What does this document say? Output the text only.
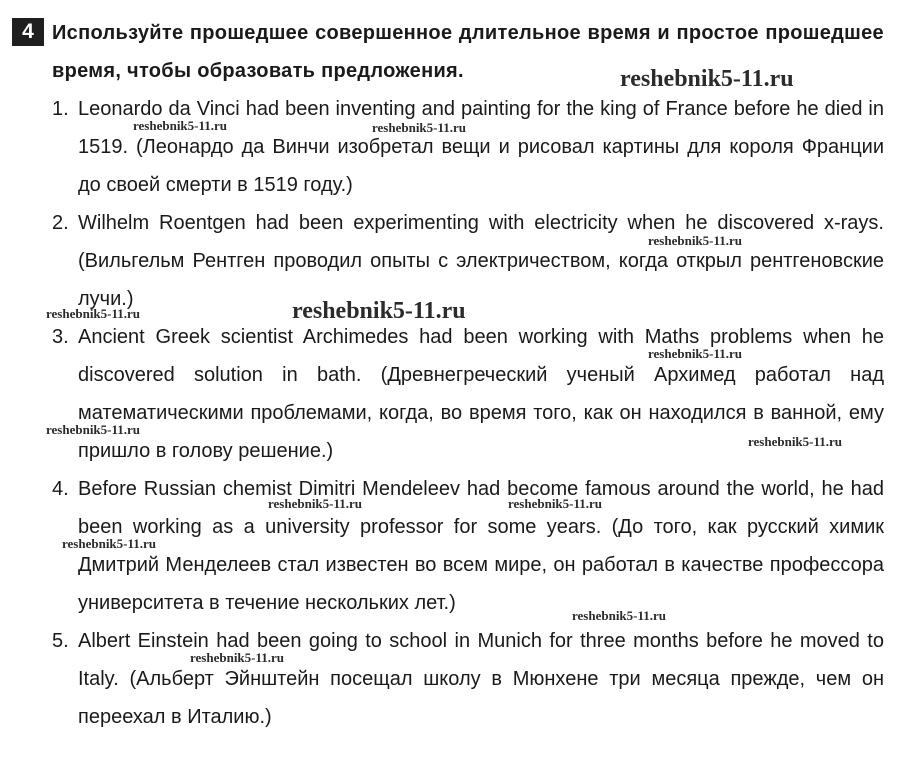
4 Используйте прошедшее совершенное длительное время и простое прошедшее время, чтобы образовать предложения.
1. Leonardo da Vinci had been inventing and painting for the king of France before he died in 1519. (Леонардо да Винчи изобретал вещи и рисовал картины для короля Франции до своей смерти в 1519 году.)
2. Wilhelm Roentgen had been experimenting with electricity when he discovered x-rays. (Вильгельм Рентген проводил опыты с электричеством, когда открыл рентгеновские лучи.)
3. Ancient Greek scientist Archimedes had been working with Maths problems when he discovered solution in bath. (Древнегреческий ученый Архимед работал над математическими проблемами, когда, во время того, как он находился в ванной, ему пришло в голову решение.)
4. Before Russian chemist Dimitri Mendeleev had become famous around the world, he had been working as a university professor for some years. (До того, как русский химик Дмитрий Менделеев стал известен во всем мире, он работал в качестве профессора университета в течение нескольких лет.)
5. Albert Einstein had been going to school in Munich for three months before he moved to Italy. (Альберт Эйнштейн посещал школу в Мюнхене три месяца прежде, чем он переехал в Италию.)
reshebnik5-11.ru
reshebnik5-11.ru	reshebnik5-11.ru
reshebnik5-11.ru
reshebnik5-11.ru	reshebnik5-11.ru
reshebnik5-11.ru
reshebnik5-11.ru
reshebnik5-11.ru
reshebnik5-11.ru	reshebnik5-11.ru
reshebnik5-11.ru
reshebnik5-11.ru
reshebnik5-11.ru
